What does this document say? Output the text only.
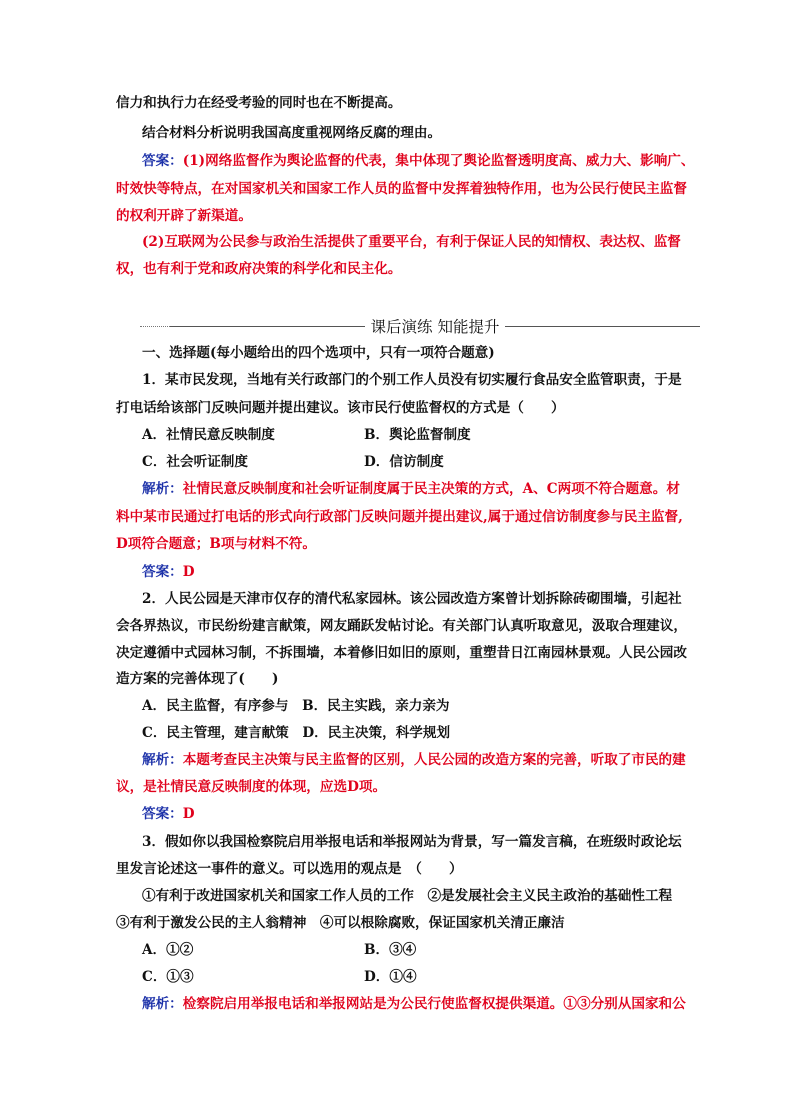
信力和执行力在经受考验的同时也在不断提高。
结合材料分析说明我国高度重视网络反腐的理由。
答案：(1)网络监督作为舆论监督的代表，集中体现了舆论监督透明度高、威力大、影响广、
时效快等特点，在对国家机关和国家工作人员的监督中发挥着独特作用，也为公民行使民主监督
的权利开辟了新渠道。
(2)互联网为公民参与政治生活提供了重要平台，有利于保证人民的知情权、表达权、监督
权，也有利于党和政府决策的科学化和民主化。
课后演练 知能提升
一、选择题(每小题给出的四个选项中，只有一项符合题意)
1．某市民发现，当地有关行政部门的个别工作人员没有切实履行食品安全监管职责，于是
打电话给该部门反映问题并提出建议。该市民行使监督权的方式是（　　）
A．社情民意反映制度	B．舆论监督制度
C．社会听证制度	D．信访制度
解析：社情民意反映制度和社会听证制度属于民主决策的方式，A、C两项不符合题意。材
料中某市民通过打电话的形式向行政部门反映问题并提出建议,属于通过信访制度参与民主监督,
D项符合题意；B项与材料不符。
答案：D
2．人民公园是天津市仅存的清代私家园林。该公园改造方案曾计划拆除砖砌围墙，引起社
会各界热议，市民纷纷建言献策，网友踊跃发帖讨论。有关部门认真听取意见，汲取合理建议，
决定遵循中式园林习制，不拆围墙，本着修旧如旧的原则，重塑昔日江南园林景观。人民公园改
造方案的完善体现了(　　)
A．民主监督，有序参与　B．民主实践，亲力亲为
C．民主管理，建言献策　D．民主决策，科学规划
解析：本题考查民主决策与民主监督的区别，人民公园的改造方案的完善，听取了市民的建
议，是社情民意反映制度的体现，应选D项。
答案：D
3．假如你以我国检察院启用举报电话和举报网站为背景，写一篇发言稿，在班级时政论坛
里发言论述这一事件的意义。可以选用的观点是　（　　）
①有利于改进国家机关和国家工作人员的工作　②是发展社会主义民主政治的基础性工程
③有利于激发公民的主人翁精神　④可以根除腐败，保证国家机关清正廉洁
A．①②	B．③④
C．①③	D．①④
解析：检察院启用举报电话和举报网站是为公民行使监督权提供渠道。①③分别从国家和公
